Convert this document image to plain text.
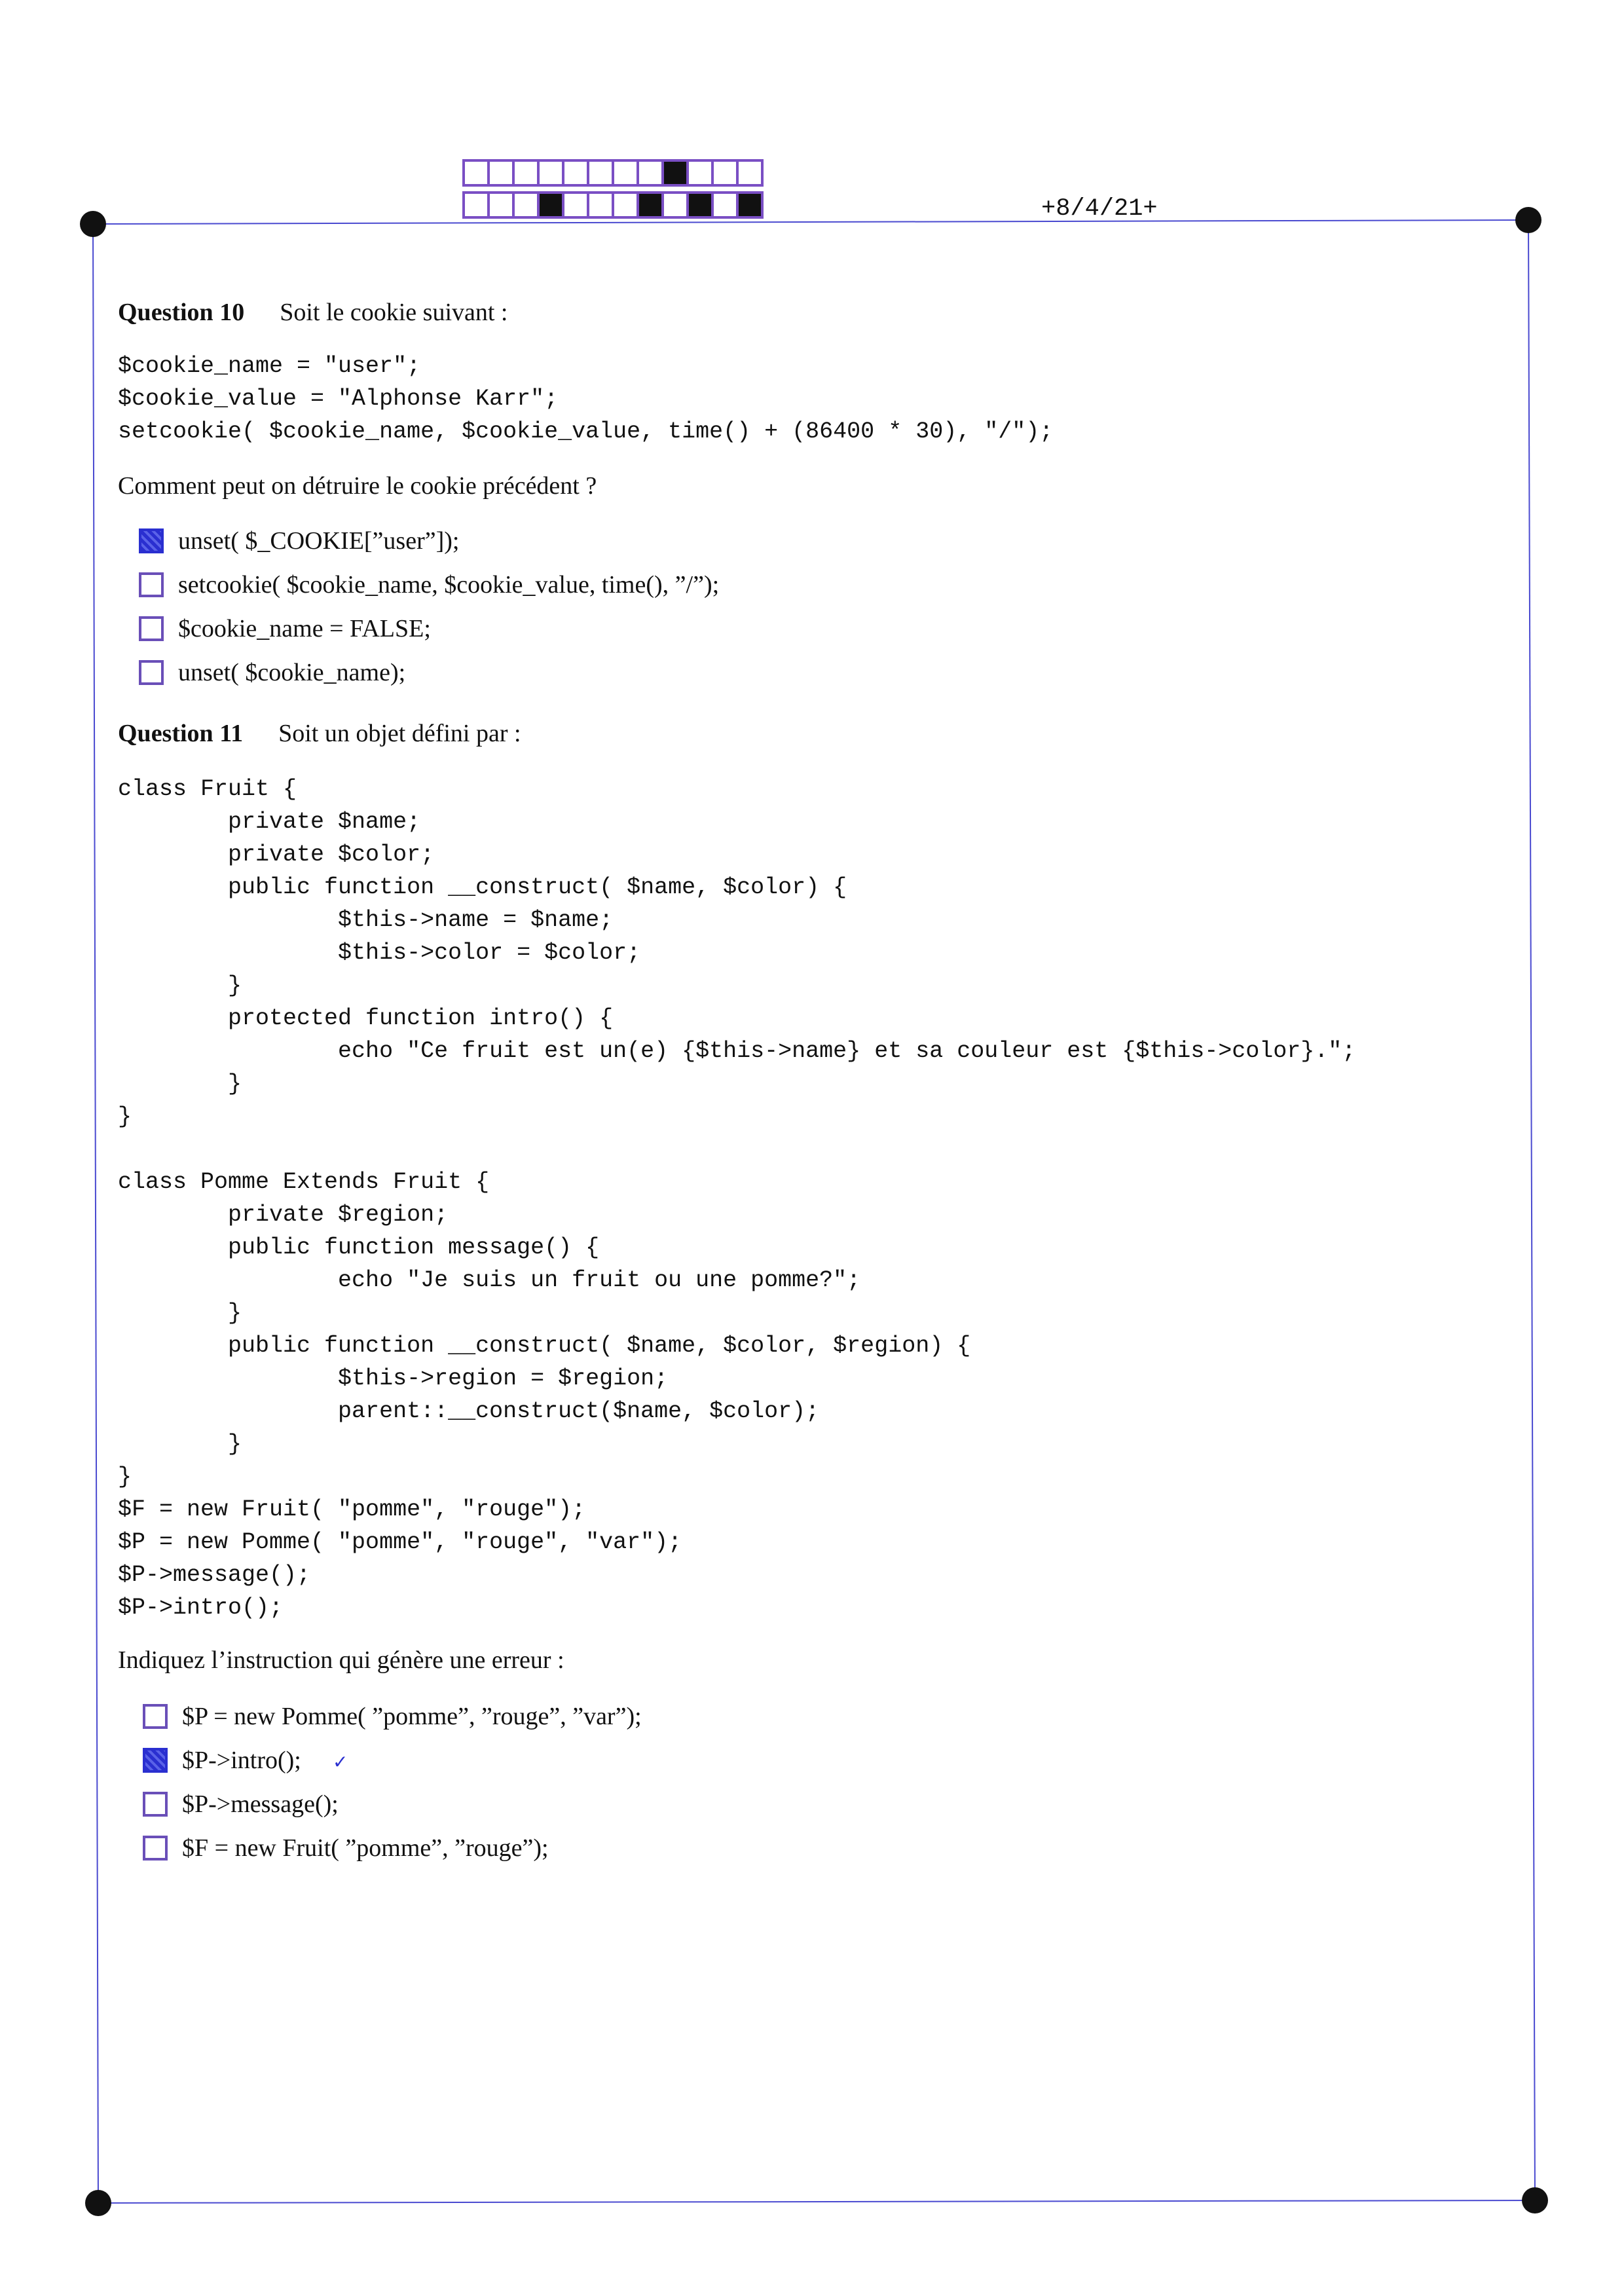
+8/4/21+
Question 10 Soit le cookie suivant :
$cookie_name = "user";
$cookie_value = "Alphonse Karr";
setcookie( $cookie_name, $cookie_value, time() + (86400 * 30), "/");
Comment peut on détruire le cookie précédent ?
unset( $_COOKIE[”user”]);
setcookie( $cookie_name, $cookie_value, time(), ”/”);
$cookie_name = FALSE;
unset( $cookie_name);
Question 11 Soit un objet défini par :
class Fruit {
private $name;
private $color;
public function __construct( $name, $color) {
$this->name = $name;
$this->color = $color;
}
protected function intro() {
echo "Ce fruit est un(e) {$this->name} et sa couleur est {$this->color}.";
}
}

class Pomme Extends Fruit {
private $region;
public function message() {
echo "Je suis un fruit ou une pomme?";
}
public function __construct( $name, $color, $region) {
$this->region = $region;
parent::__construct($name, $color);
}
}
$F = new Fruit( "pomme", "rouge");
$P = new Pomme( "pomme", "rouge", "var");
$P->message();
$P->intro();
Indiquez l’instruction qui génère une erreur :
$P = new Pomme( ”pomme”, ”rouge”, ”var”);
$P->intro();
$P->message();
$F = new Fruit( ”pomme”, ”rouge”);
✓
